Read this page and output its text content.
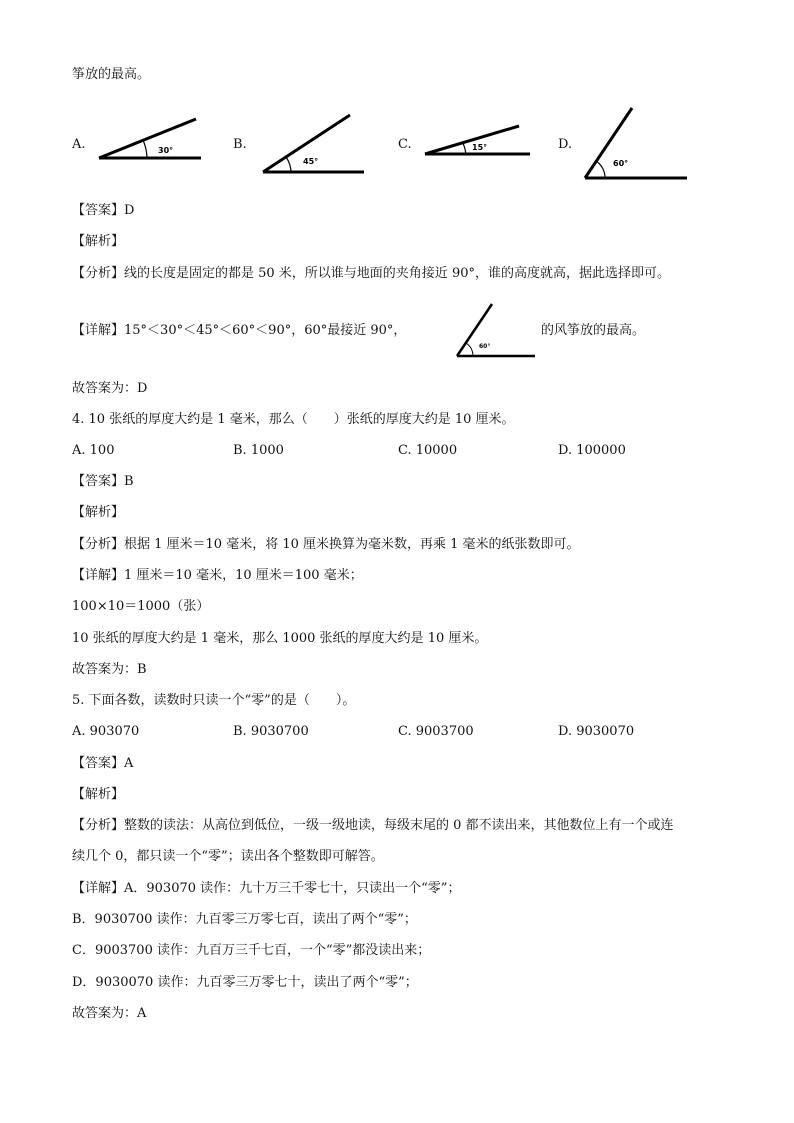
筝放的最高。
A.	30°	B.
45°
C.	15°	D.
60°
【答案】D
【解析】
【分析】线的长度是固定的都是 50 米，所以谁与地面的夹角接近 90°，谁的高度就高，据此选择即可。
【详解】15°＜30°＜45°＜60°＜90°，60°最接近 90°，
60°
的风筝放的最高。
故答案为：D
4. 10 张纸的厚度大约是 1 毫米，那么（　　）张纸的厚度大约是 10 厘米。
A. 100	B. 1000	C. 10000	D. 100000
【答案】B
【解析】
【分析】根据 1 厘米＝10 毫米，将 10 厘米换算为毫米数，再乘 1 毫米的纸张数即可。
【详解】1 厘米＝10 毫米，10 厘米＝100 毫米；
100×10＝1000（张）
10 张纸的厚度大约是 1 毫米，那么 1000 张纸的厚度大约是 10 厘米。
故答案为：B
5. 下面各数，读数时只读一个“零”的是（　　）。
A. 903070	B. 9030700	C. 9003700	D. 9030070
【答案】A
【解析】
【分析】整数的读法：从高位到低位，一级一级地读，每级末尾的 0 都不读出来，其他数位上有一个或连
续几个 0，都只读一个“零”；读出各个整数即可解答。
【详解】A．903070 读作：九十万三千零七十，只读出一个“零”；
B．9030700 读作：九百零三万零七百，读出了两个“零”；
C．9003700 读作：九百万三千七百，一个“零”都没读出来；
D．9030070 读作：九百零三万零七十，读出了两个“零”；
故答案为：A
